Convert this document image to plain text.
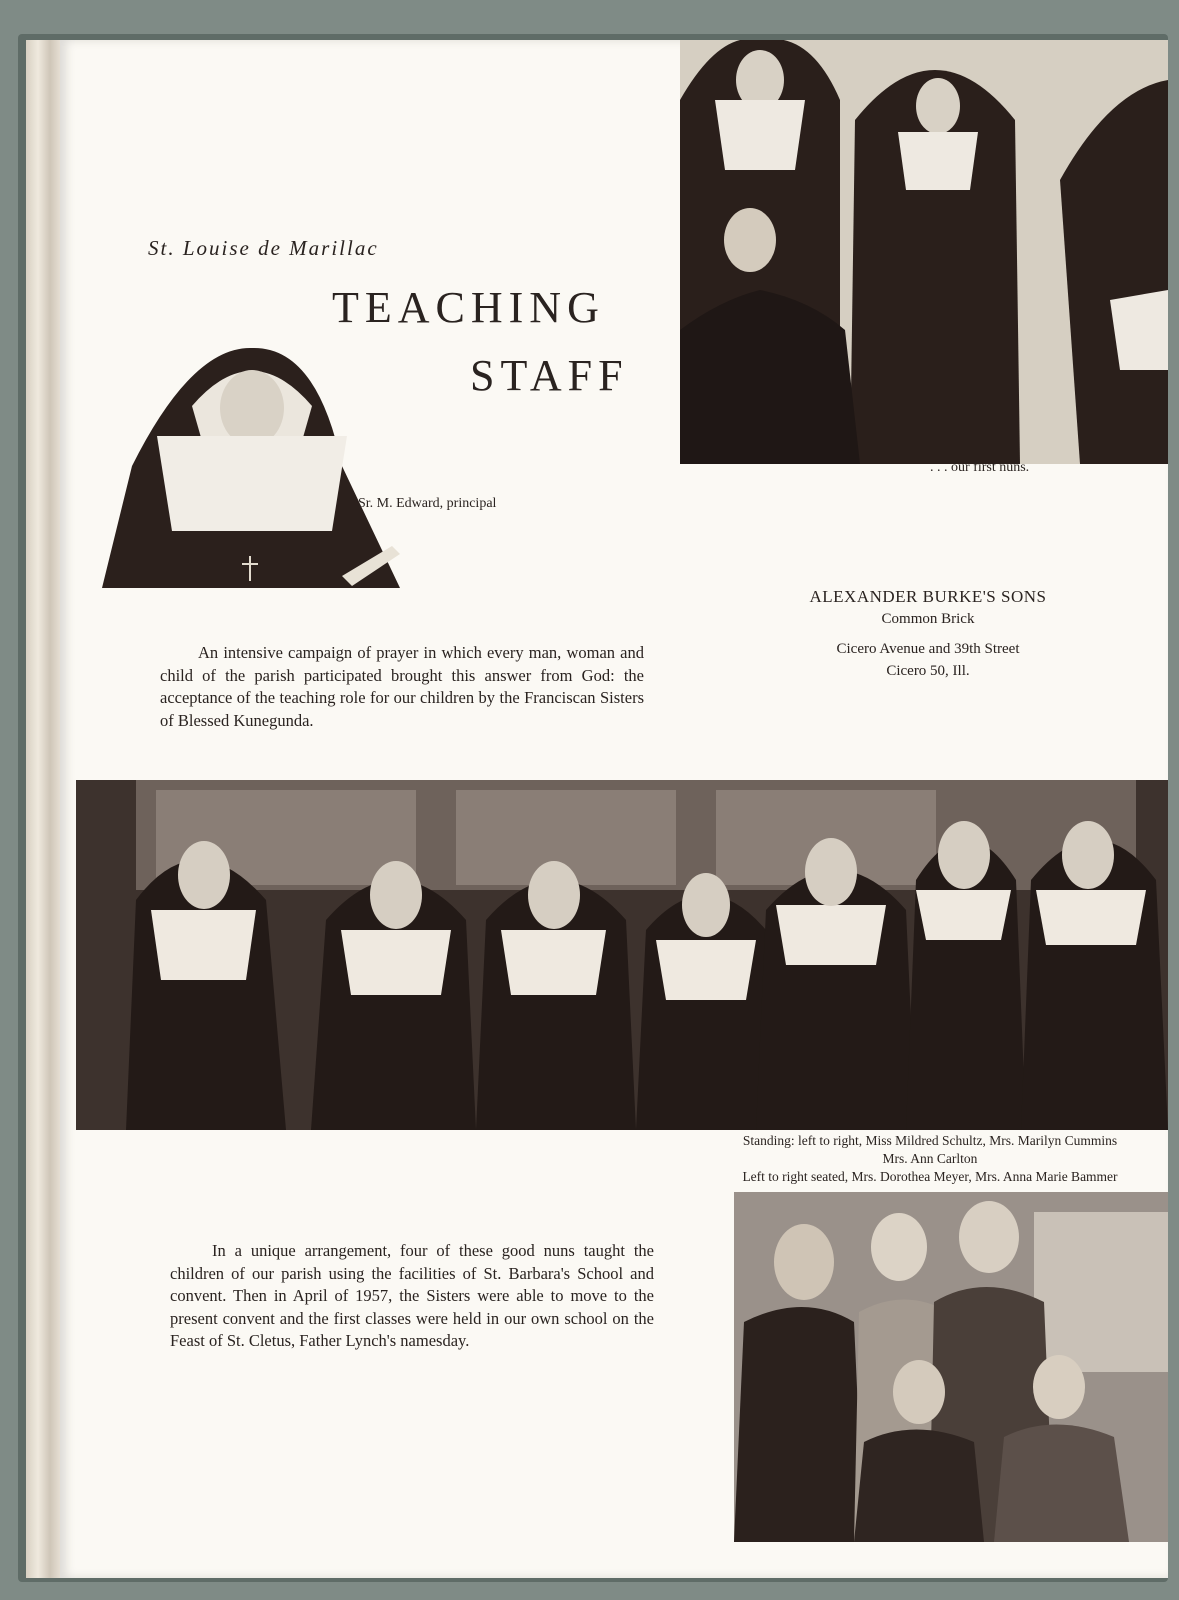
St. Louise de Marillac
TEACHING
STAFF
Sr. M. Edward, principal
. . . our first nuns.
An intensive campaign of prayer in which every man, woman and child of the parish participated brought this answer from God: the acceptance of the teaching role for our children by the Franciscan Sisters of Blessed Kunegunda.
ALEXANDER BURKE'S SONS
Common Brick
Cicero Avenue and 39th Street
Cicero 50, Ill.
Standing: left to right, Miss Mildred Schultz, Mrs. Marilyn Cummins
Mrs. Ann Carlton
Left to right seated, Mrs. Dorothea Meyer, Mrs. Anna Marie Bammer
In a unique arrangement, four of these good nuns taught the children of our parish using the facilities of St. Barbara's School and convent. Then in April of 1957, the Sisters were able to move to the present convent and the first classes were held in our own school on the Feast of St. Cletus, Father Lynch's namesday.
